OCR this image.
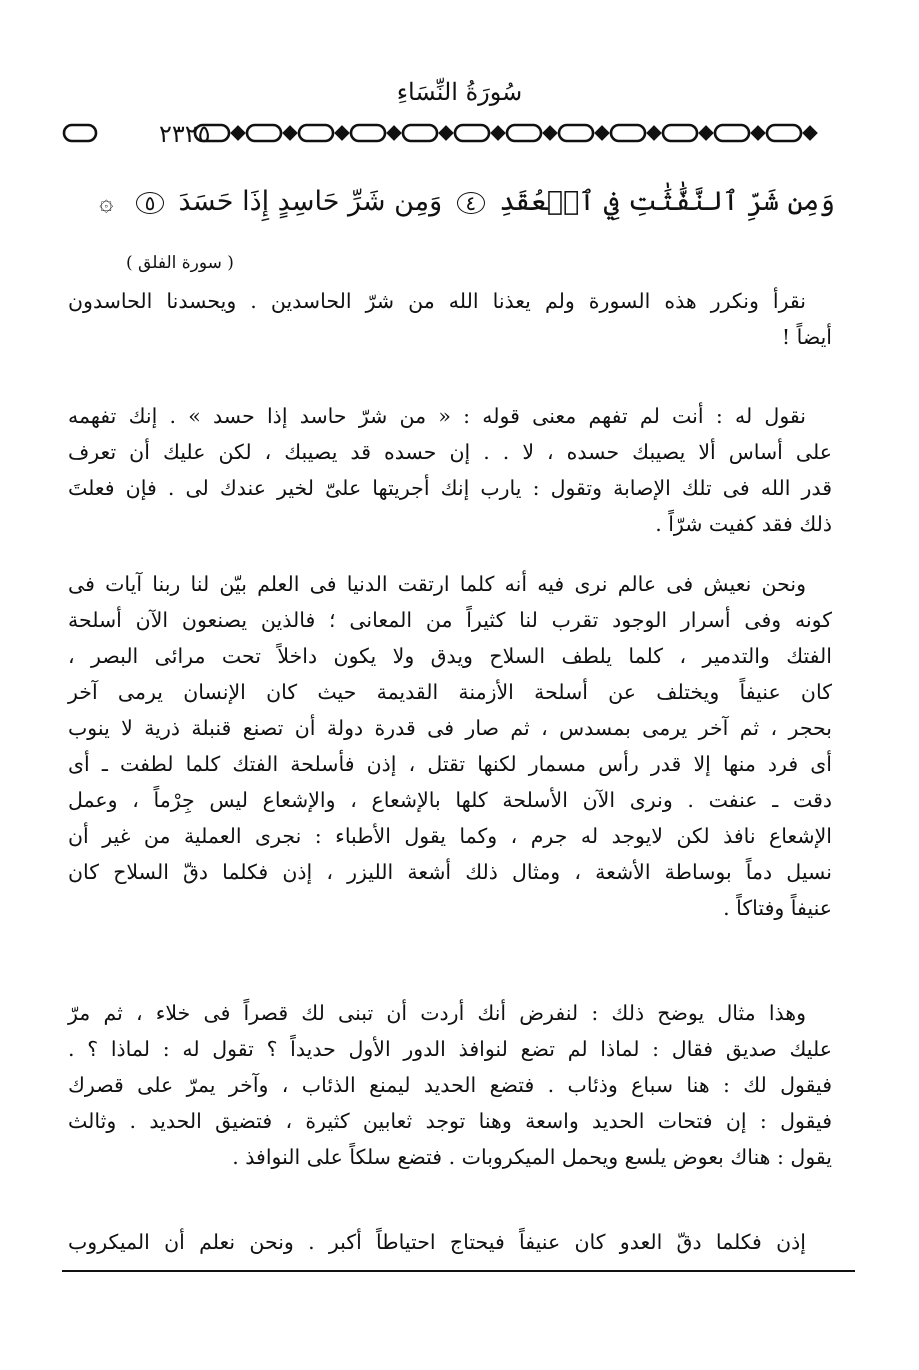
سُورَةُ النِّسَاءِ
٢٣٢٥
وَمِن شَرِّ ٱلنَّفَّٰثَٰتِ فِي ٱلۡعُقَدِ ٤ وَمِن شَرِّ حَاسِدٍ إِذَا حَسَدَ ٥ ۞
( سورة الفلق )
نقرأ ونكرر هذه السورة ولم يعذنا الله من شرّ الحاسدين . ويحسدنا الحاسدون
أيضاً !
نقول له : أنت لم تفهم معنى قوله : « من شرّ حاسد إذا حسد » . إنك تفهمه
على أساس ألا يصيبك حسده ، لا . . إن حسده قد يصيبك ، لكن عليك أن تعرف
قدر الله فى تلك الإصابة وتقول : يارب إنك أجريتها علىّ لخير عندك لى . فإن فعلتَ
ذلك فقد كفيت شرّاً .
ونحن نعيش فى عالم نرى فيه أنه كلما ارتقت الدنيا فى العلم بيّن لنا ربنا آيات فى
كونه وفى أسرار الوجود تقرب لنا كثيراً من المعانى ؛ فالذين يصنعون الآن أسلحة
الفتك والتدمير ، كلما يلطف السلاح ويدق ولا يكون داخلاً تحت مرائى البصر ،
كان عنيفاً ويختلف عن أسلحة الأزمنة القديمة حيث كان الإنسان يرمى آخر
بحجر ، ثم آخر يرمى بمسدس ، ثم صار فى قدرة دولة أن تصنع قنبلة ذرية لا ينوب
أى فرد منها إلا قدر رأس مسمار لكنها تقتل ، إذن فأسلحة الفتك كلما لطفت ـ أى
دقت ـ عنفت . ونرى الآن الأسلحة كلها بالإشعاع ، والإشعاع ليس جِرْماً ، وعمل
الإشعاع نافذ لكن لايوجد له جرم ، وكما يقول الأطباء : نجرى العملية من غير أن
نسيل دماً بوساطة الأشعة ، ومثال ذلك أشعة الليزر ، إذن فكلما دقّ السلاح كان
عنيفاً وفتاكاً .
وهذا مثال يوضح ذلك : لنفرض أنك أردت أن تبنى لك قصراً فى خلاء ، ثم مرّ
عليك صديق فقال : لماذا لم تضع لنوافذ الدور الأول حديداً ؟ تقول له : لماذا ؟ .
فيقول لك : هنا سباع وذئاب . فتضع الحديد ليمنع الذئاب ، وآخر يمرّ على قصرك
فيقول : إن فتحات الحديد واسعة وهنا توجد ثعابين كثيرة ، فتضيق الحديد . وثالث
يقول : هناك بعوض يلسع ويحمل الميكروبات . فتضع سلكاً على النوافذ .
إذن فكلما دقّ العدو كان عنيفاً فيحتاج احتياطاً أكبر . ونحن نعلم أن الميكروب
